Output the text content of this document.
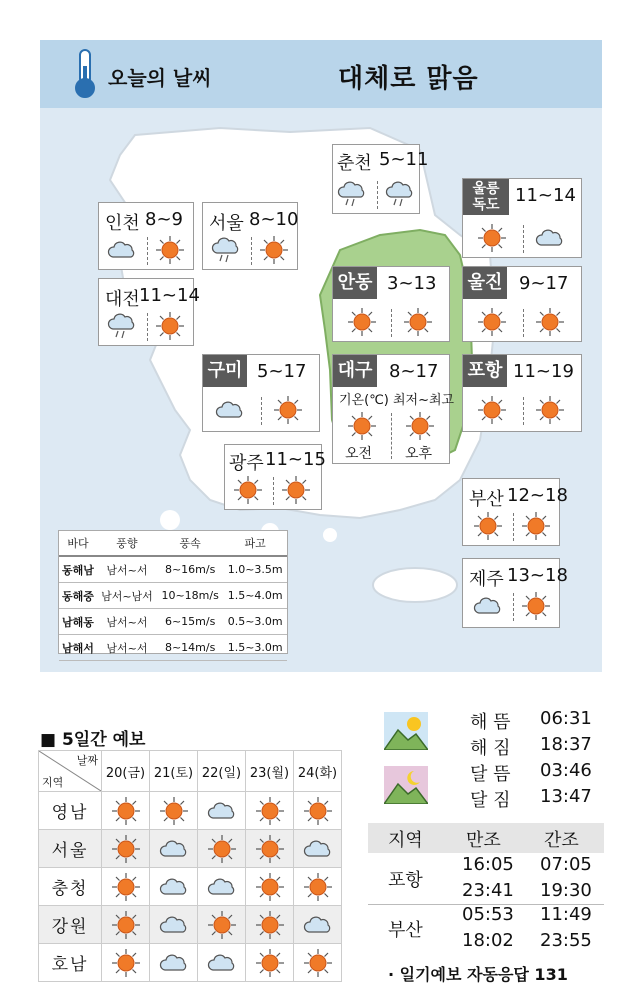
오늘의 날씨	대체로 맑음
춘천 5~11
인천 8~9 서울 8~10
울릉
독도 11~14
대전 11~14
안동 3~13 울진 9~17
구미 5~17 대구 8~17
기온(℃) 최저~최고
오전 오후
포항 11~19
광주 11~15
부산 12~18
제주 13~18
바다	풍향	풍속	파고
동해남	남서~서	8~16m/s	1.0~3.5m
동해중	남서~남서	10~18m/s	1.5~4.0m
남해동	남서~서	6~15m/s	0.5~3.0m
남해서	남서~서	8~14m/s	1.5~3.0m
■ 5일간 예보
날짜
지역	20(금)	21(토)	22(일)	23(월)	24(화)
영남	

서울	

충청	

강원	

호남	

해 뜸 06:31
해 짐 18:37
달 뜸 03:46
달 짐 13:47
지역 만조 간조
포항
16:05 07:05
23:41 19:30
부산
05:53 11:49
18:02 23:55
· 일기예보 자동응답 131
